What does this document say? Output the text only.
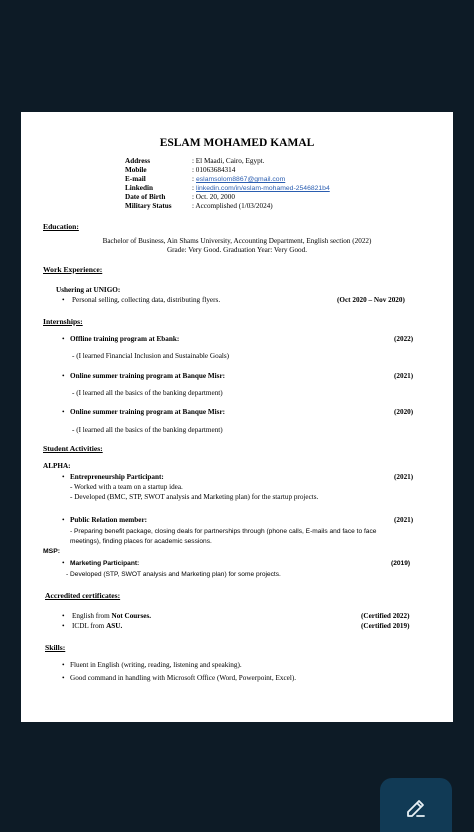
ESLAM MOHAMED KAMAL
Address	: El Maadi, Cairo, Egypt.
Mobile	: 01063684314
E-mail	: eslamsolom8867@gmail.com
Linkedin	: linkedin.com/in/eslam-mohamed-2546821b4
Date of Birth	: Oct. 20, 2000
Military Status	: Accomplished (1/03/2024)
Education:
Bachelor of Business, Ain Shams University, Accounting Department, English section (2022)
Grade: Very Good. Graduation Year: Very Good.
Work Experience:
Ushering at UNIGO:
• Personal selling, collecting data, distributing flyers.	(Oct 2020 – Nov 2020)
Internships:
• Offline training program at Ebank:	(2022)
- (I learned Financial Inclusion and Sustainable Goals)
• Online summer training program at Banque Misr:	(2021)
- (I learned all the basics of the banking department)
• Online summer training program at Banque Misr:	(2020)
- (I learned all the basics of the banking department)
Student Activities:
ALPHA:
• Entrepreneurship Participant:	(2021)
- Worked with a team on a startup idea.
- Developed (BMC, STP, SWOT analysis and Marketing plan) for the startup projects.
• Public Relation member:	(2021)
- Preparing benefit package, closing deals for partnerships through (phone calls, E-mails and face to face
meetings), finding places for academic sessions.
MSP:
• Marketing Participant:	(2019)
- Developed (STP, SWOT analysis and Marketing plan) for some projects.
Accredited certificates:
• English from Not Courses.	(Certified 2022)
• ICDL from ASU.	(Certified 2019)
Skills:
• Fluent in English (writing, reading, listening and speaking).
• Good command in handling with Microsoft Office (Word, Powerpoint, Excel).
